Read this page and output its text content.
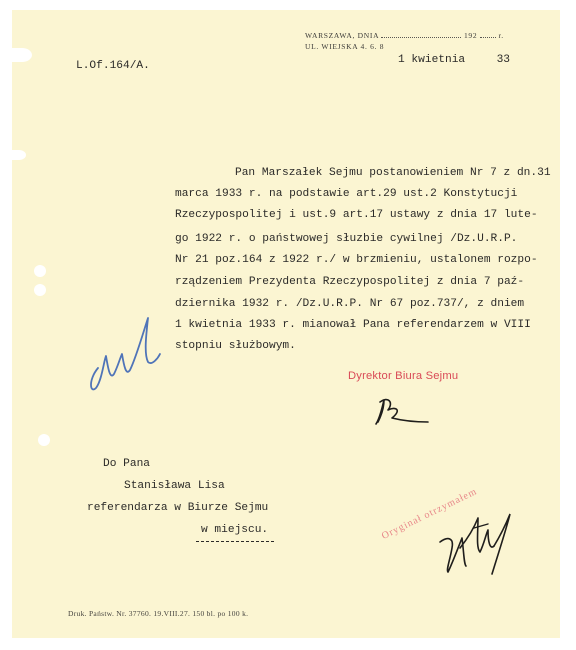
WARSZAWA, DNIA	192	r.
UL. WIEJSKA 4. 6. 8
L.Of.164/A.	1 kwietnia	33
Pan Marszałek Sejmu postanowieniem Nr 7 z dn.31
marca 1933 r. na podstawie art.29 ust.2 Konstytucji
Rzeczypospolitej i ust.9 art.17 ustawy z dnia 17 lute-
go 1922 r. o państwowej słuzbie cywilnej /Dz.U.R.P.
Nr 21 poz.164 z 1922 r./ w brzmieniu, ustalonem rozpo-
rządzeniem Prezydenta Rzeczypospolitej z dnia 7 paź-
dziernika 1932 r. /Dz.U.R.P. Nr 67 poz.737/, z dniem
1 kwietnia 1933 r. mianował Pana referendarzem w VIII
stopniu służbowym.
Dyrektor Biura Sejmu
Do Pana
Stanisława Lisa
referendarza w Biurze Sejmu
w miejscu.	Oryginał otrzymałem
Druk. Państw. Nr. 37760. 19.VIII.27. 150 bl. po 100 k.
